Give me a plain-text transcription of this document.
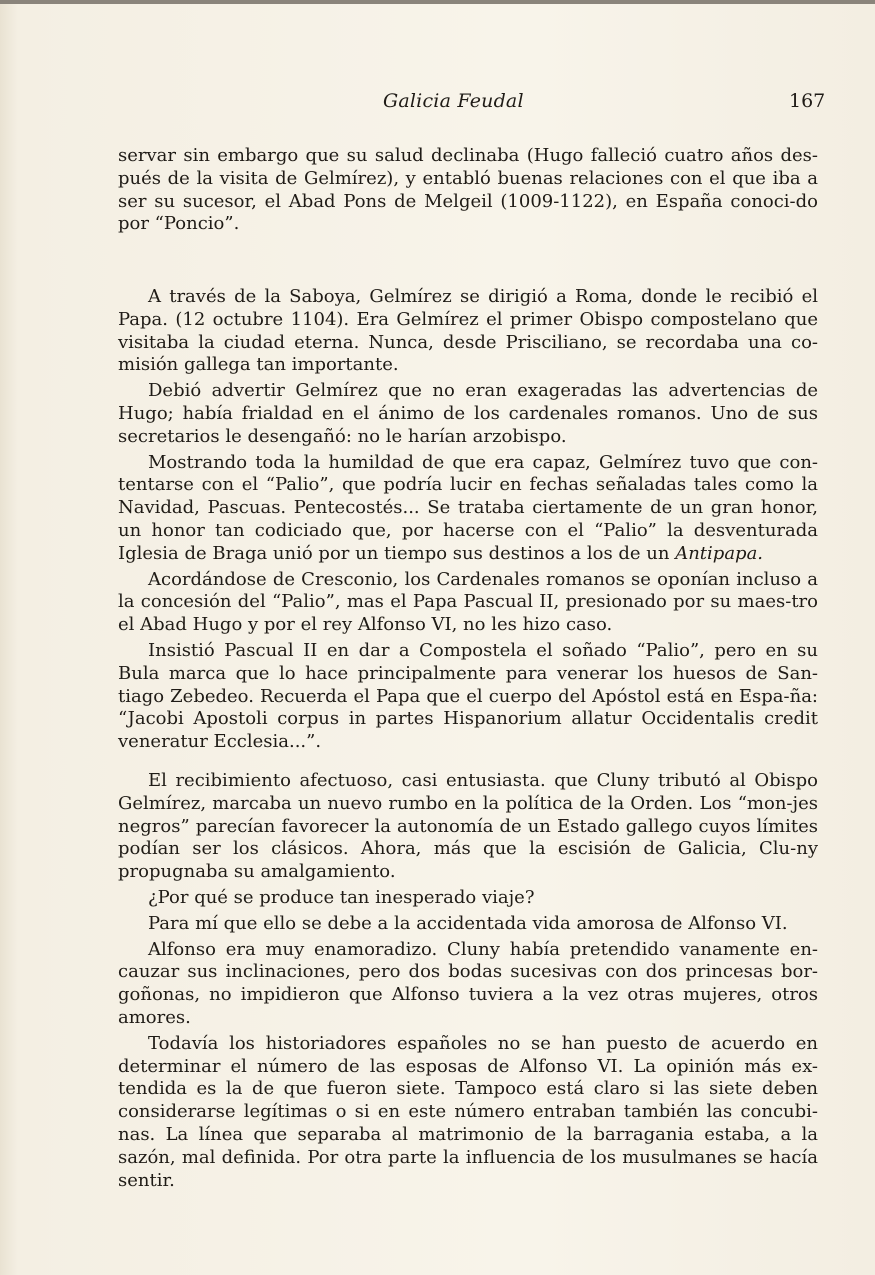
Galicia Feudal	167

servar sin embargo que su salud declinaba (Hugo falleció cuatro años des-pués de la visita de Gelmírez), y entabló buenas relaciones con el que iba a ser su sucesor, el Abad Pons de Melgeil (1009-1122), en España conoci-do por “Poncio”.

A través de la Saboya, Gelmírez se dirigió a Roma, donde le recibió el Papa. (12 octubre 1104). Era Gelmírez el primer Obispo compostelano que visitaba la ciudad eterna. Nunca, desde Prisciliano, se recordaba una co-misión gallega tan importante.

Debió advertir Gelmírez que no eran exageradas las advertencias de Hugo; había frialdad en el ánimo de los cardenales romanos. Uno de sus secretarios le desengañó: no le harían arzobispo.

Mostrando toda la humildad de que era capaz, Gelmírez tuvo que con-tentarse con el “Palio”, que podría lucir en fechas señaladas tales como la Navidad, Pascuas. Pentecostés... Se trataba ciertamente de un gran honor, un honor tan codiciado que, por hacerse con el “Palio” la desventurada Iglesia de Braga unió por un tiempo sus destinos a los de un Antipapa.

Acordándose de Cresconio, los Cardenales romanos se oponían incluso a la concesión del “Palio”, mas el Papa Pascual II, presionado por su maes-tro el Abad Hugo y por el rey Alfonso VI, no les hizo caso.

Insistió Pascual II en dar a Compostela el soñado “Palio”, pero en su Bula marca que lo hace principalmente para venerar los huesos de San-tiago Zebedeo. Recuerda el Papa que el cuerpo del Apóstol está en Espa-ña: “Jacobi Apostoli corpus in partes Hispanorium allatur Occidentalis credit veneratur Ecclesia...”.

El recibimiento afectuoso, casi entusiasta. que Cluny tributó al Obispo Gelmírez, marcaba un nuevo rumbo en la política de la Orden. Los “mon-jes negros” parecían favorecer la autonomía de un Estado gallego cuyos límites podían ser los clásicos. Ahora, más que la escisión de Galicia, Clu-ny propugnaba su amalgamiento.

¿Por qué se produce tan inesperado viaje?

Para mí que ello se debe a la accidentada vida amorosa de Alfonso VI.

Alfonso era muy enamoradizo. Cluny había pretendido vanamente en-cauzar sus inclinaciones, pero dos bodas sucesivas con dos princesas bor-goñonas, no impidieron que Alfonso tuviera a la vez otras mujeres, otros amores.

Todavía los historiadores españoles no se han puesto de acuerdo en determinar el número de las esposas de Alfonso VI. La opinión más ex-tendida es la de que fueron siete. Tampoco está claro si las siete deben considerarse legítimas o si en este número entraban también las concubi-nas. La línea que separaba al matrimonio de la barragania estaba, a la sazón, mal definida. Por otra parte la influencia de los musulmanes se hacía sentir.
